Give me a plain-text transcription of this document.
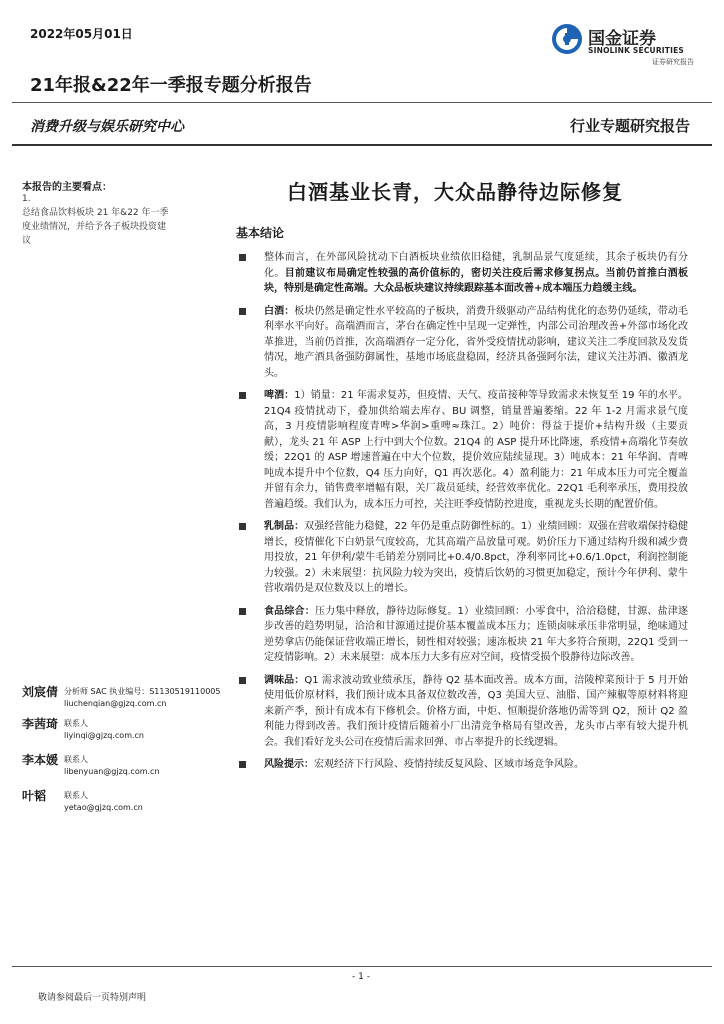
2022年05月01日	国金证券
SINOLINK SECURITIES
证券研究报告
21年报&22年一季报专题分析报告
消费升级与娱乐研究中心	行业专题研究报告
本报告的主要看点：
1.总结食品饮料板块 21 年&22 年一季度业绩情况，并给予各子板块投资建议
刘宸倩 分析师 SAC 执业编号：S1130519110005
liuchenqian@gjzq.com.cn
李茜琦 联系人
liyinqi@gjzq.com.cn
李本媛 联系人
libenyuan@gjzq.com.cn
叶韬 联系人
yetao@gjzq.com.cn
白酒基业长青，大众品静待边际修复
基本结论
整体而言，在外部风险扰动下白酒板块业绩依旧稳健，乳制品景气度延续，其余子板块仍有分化。目前建议布局确定性较强的高价值标的，密切关注疫后需求修复拐点。当前仍首推白酒板块，特别是确定性高端。大众品板块建议持续跟踪基本面改善+成本端压力趋缓主线。
白酒：板块仍然是确定性水平较高的子板块，消费升级驱动产品结构优化的态势仍延续，带动毛利率水平向好。高端酒而言，茅台在确定性中呈现一定弹性，内部公司治理改善+外部市场化改革推进，当前仍首推，次高端酒存一定分化，省外受疫情扰动影响，建议关注二季度回款及发货情况，地产酒具备强防御属性，基地市场底盘稳固，经济具备强阿尔法，建议关注苏酒、徽酒龙头。
啤酒：1）销量：21 年需求复苏，但疫情、天气、疫苗接种等导致需求未恢复至 19 年的水平。21Q4 疫情扰动下，叠加供给端去库存、BU 调整，销量普遍萎缩。22 年 1-2 月需求景气度高，3 月疫情影响程度青啤>华润>重啤≈珠江。2）吨价：得益于提价+结构升级（主要贡献），龙头 21 年 ASP 上行中到大个位数。21Q4 的 ASP 提升环比降速，系疫情+高端化节奏放缓；22Q1 的 ASP 增速普遍在中大个位数，提价效应陆续显现。3）吨成本：21 年华润、青啤吨成本提升中个位数，Q4 压力向好，Q1 再次恶化。4）盈利能力：21 年成本压力可完全覆盖并留有余力，销售费率增幅有限，关厂裁员延续，经营效率优化。22Q1 毛利率承压，费用投放普遍趋缓。我们认为，成本压力可控，关注旺季疫情防控进度，重视龙头长期的配置价值。
乳制品：双强经营能力稳健，22 年仍是重点防御性标的。1）业绩回顾：双强在营收端保持稳健增长，疫情催化下白奶景气度较高，尤其高端产品放量可观。奶价压力下通过结构升级和减少费用投放，21 年伊利/蒙牛毛销差分别同比+0.4/0.8pct，净利率同比+0.6/1.0pct，利润控制能力较强。2）未来展望：抗风险力较为突出，疫情后饮奶的习惯更加稳定，预计今年伊利、蒙牛营收端仍是双位数及以上的增长。
食品综合：压力集中释放，静待边际修复。1）业绩回顾：小零食中，洽洽稳健，甘源、盐津逐步改善的趋势明显，洽洽和甘源通过提价基本覆盖成本压力；连锁卤味承压非常明显，绝味通过逆势拿店仍能保证营收端正增长，韧性相对较强；速冻板块 21 年大多符合预期，22Q1 受到一定疫情影响。2）未来展望：成本压力大多有应对空间，疫情受损个股静待边际改善。
调味品：Q1 需求波动致业绩承压，静待 Q2 基本面改善。成本方面，涪陵榨菜预计于 5 月开始使用低价原材料，我们预计成本具备双位数改善，Q3 美国大豆、油脂、国产辣椒等原材料将迎来新产季，预计有成本有下修机会。价格方面，中炬、恒顺提价落地仍需等到 Q2，预计 Q2 盈利能力得到改善。我们预计疫情后随着小厂出清竞争格局有望改善，龙头市占率有较大提升机会。我们看好龙头公司在疫情后需求回弹、市占率提升的长线逻辑。
风险提示：宏观经济下行风险、疫情持续反复风险、区域市场竞争风险。
- 1 -
敬请参阅最后一页特别声明
